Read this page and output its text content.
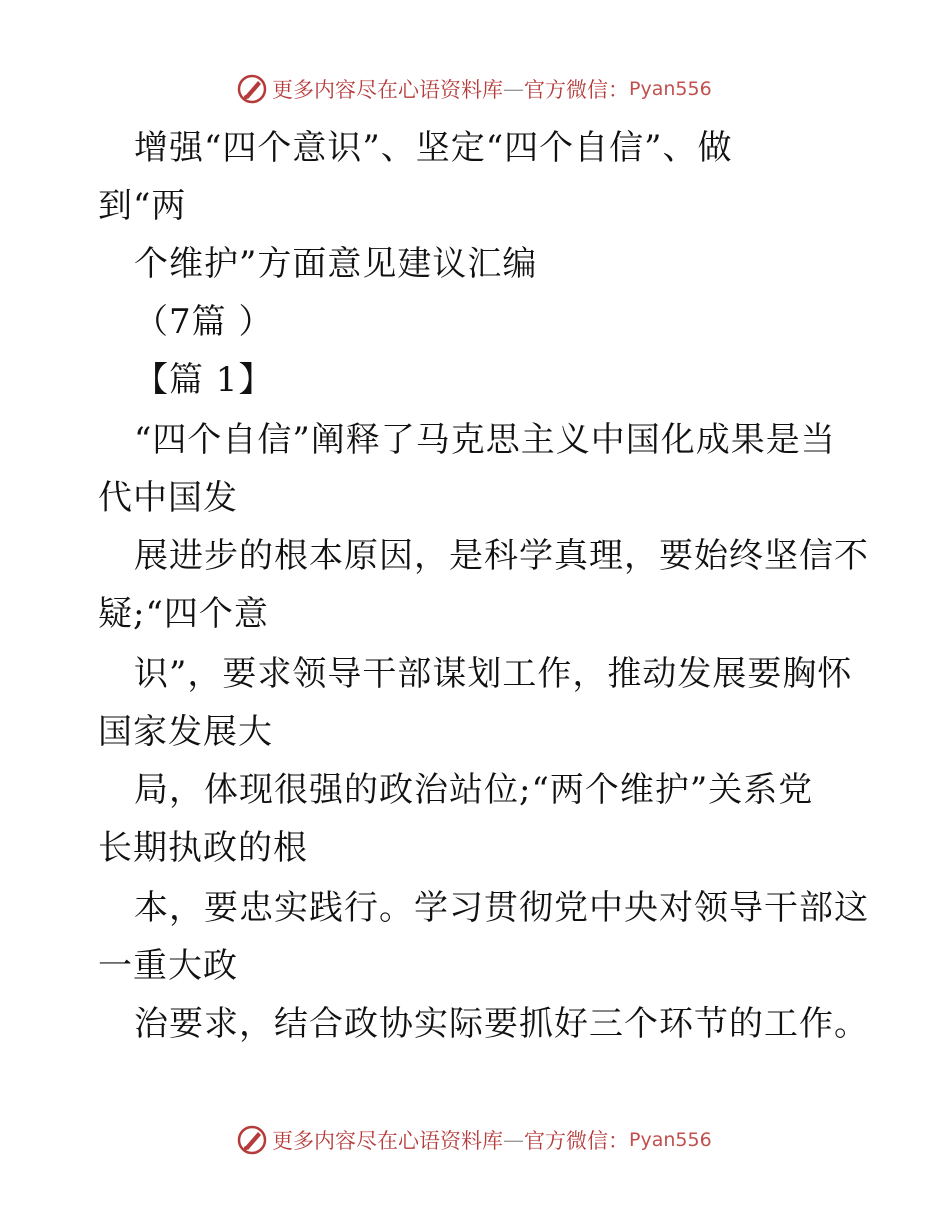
更多内容尽在心语资料库 — 官方微信： Pyan556
增强“四个意识”、坚定“四个自信”、做
到“两
个维护”方面意见建议汇编
（7篇 ）
【篇 1】
“四个自信”阐释了马克思主义中国化成果是当
代中国发
展进步的根本原因，是科学真理，要始终坚信不
疑;“四个意
识”，要求领导干部谋划工作，推动发展要胸怀
国家发展大
局，体现很强的政治站位;“两个维护”关系党
长期执政的根
本，要忠实践行。学习贯彻党中央对领导干部这
一重大政
治要求，结合政协实际要抓好三个环节的工作。
更多内容尽在心语资料库 — 官方微信： Pyan556
